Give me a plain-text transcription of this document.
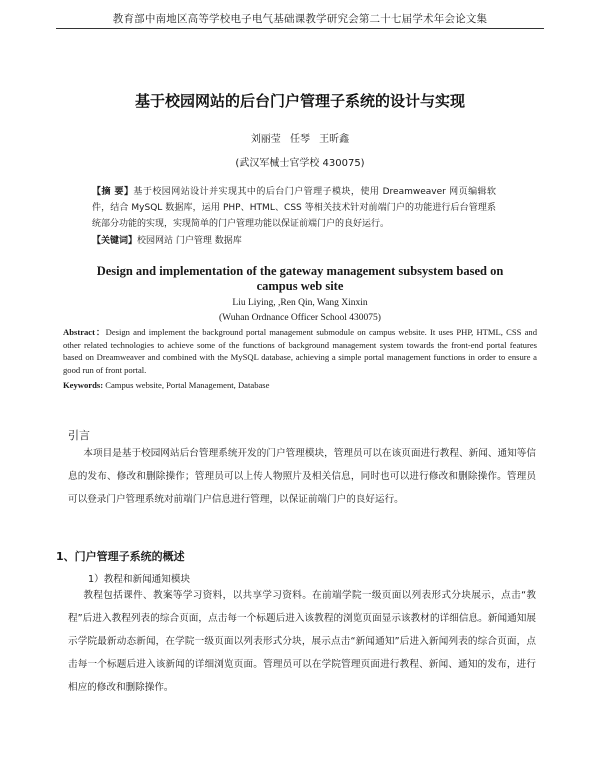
教育部中南地区高等学校电子电气基础课教学研究会第二十七届学术年会论文集
基于校园网站的后台门户管理子系统的设计与实现
刘丽莹 任琴 王昕鑫
(武汉军械士官学校 430075)
【摘 要】基于校园网站设计并实现其中的后台门户管理子模块，使用 Dreamweaver 网页编辑软件，结合 MySQL 数据库，运用 PHP、HTML、CSS 等相关技术针对前端门户的功能进行后台管理系统部分功能的实现，实现简单的门户管理功能以保证前端门户的良好运行。
【关键词】校园网站 门户管理 数据库
Design and implementation of the gateway management subsystem based on campus web site
Liu Liying, ,Ren Qin, Wang Xinxin
(Wuhan Ordnance Officer School 430075)
Abstract：Design and implement the background portal management submodule on campus website. It uses PHP, HTML, CSS and other related technologies to achieve some of the functions of background management system towards the front-end portal features based on Dreamweaver and combined with the MySQL database, achieving a simple portal management functions in order to ensure a good run of front portal.
Keywords: Campus website, Portal Management, Database
引言
本项目是基于校园网站后台管理系统开发的门户管理模块，管理员可以在该页面进行教程、新闻、通知等信息的发布、修改和删除操作；管理员可以上传人物照片及相关信息，同时也可以进行修改和删除操作。管理员可以登录门户管理系统对前端门户信息进行管理，以保证前端门户的良好运行。
1、门户管理子系统的概述
1）教程和新闻通知模块
教程包括课件、教案等学习资料，以共享学习资料。在前端学院一级页面以列表形式分块展示，点击“教程”后进入教程列表的综合页面，点击每一个标题后进入该教程的浏览页面显示该教材的详细信息。新闻通知展示学院最新动态新闻，在学院一级页面以列表形式分块，展示点击“新闻通知”后进入新闻列表的综合页面，点击每一个标题后进入该新闻的详细浏览页面。管理员可以在学院管理页面进行教程、新闻、通知的发布，进行相应的修改和删除操作。
